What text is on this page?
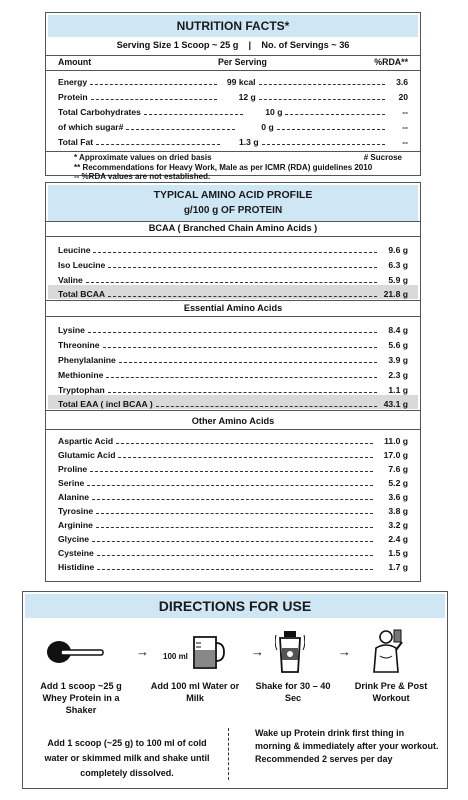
NUTRITION FACTS*
Serving Size 1 Scoop ~ 25 g    |    No. of Servings ~ 36
Amount	Per Serving	%RDA**
Energy	99 kcal	3.6
Protein	12 g	20
Total Carbohydrates	10 g	--
of which sugar#	0 g	--
Total Fat	1.3 g	--
* Approximate values on dried basis
** Recommendations for Heavy Work, Male as per ICMR (RDA) guidelines 2010
-- %RDA values are not established.
# Sucrose
TYPICAL AMINO ACID PROFILE
g/100 g OF PROTEIN
BCAA ( Branched Chain Amino Acids )
Leucine	9.6 g
Iso Leucine	6.3 g
Valine	5.9 g
Total BCAA	21.8 g
Essential Amino Acids
Lysine	8.4 g
Threonine	5.6 g
Phenylalanine	3.9 g
Methionine	2.3 g
Tryptophan	1.1 g
Total EAA ( incl BCAA )	43.1 g
Other Amino Acids
Aspartic Acid	11.0 g
Glutamic Acid	17.0 g
Proline	7.6 g
Serine	5.2 g
Alanine	3.6 g
Tyrosine	3.8 g
Arginine	3.2 g
Glycine	2.4 g
Cysteine	1.5 g
Histidine	1.7 g
DIRECTIONS FOR USE
→ 100 ml	→	→
Add 1 scoop ~25 g Whey Protein in a Shaker
Add 100 ml Water or Milk
Shake for 30 – 40 Sec
Drink Pre & Post Workout
Add 1 scoop (~25 g) to 100 ml of cold water or skimmed milk and shake until completely dissolved.
Wake up Protein drink first thing in morning & immediately after your workout.
Recommended 2 serves per day
